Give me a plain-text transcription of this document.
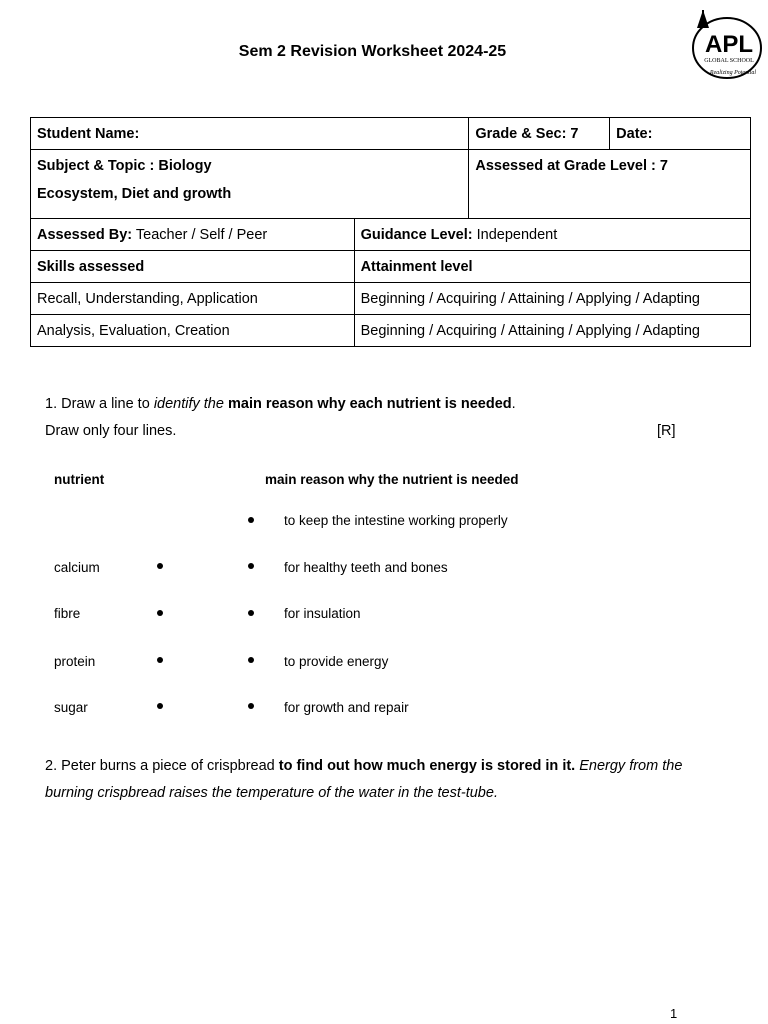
Sem 2 Revision Worksheet 2024-25	APL
GLOBAL SCHOOL
Realizing Potential
Student Name:		Grade & Sec: 7	Date:
Subject & Topic : Biology
Ecosystem, Diet and growth		Assessed at Grade Level : 7	
Assessed By: Teacher / Self / Peer	Guidance Level: Independent		
Skills assessed	Attainment level		
Recall, Understanding, Application	Beginning / Acquiring / Attaining / Applying / Adapting		
Analysis, Evaluation, Creation	Beginning / Acquiring / Attaining / Applying / Adapting		
1. Draw a line to identify the main reason why each nutrient is needed.
Draw only four lines.	[R]
nutrient	main reason why the nutrient is needed
to keep the intestine working properly
calcium	for healthy teeth and bones
fibre	for insulation
protein	to provide energy
sugar	for growth and repair
2. Peter burns a piece of crispbread to find out how much energy is stored in it. Energy from the burning crispbread raises the temperature of the water in the test-tube.
1
